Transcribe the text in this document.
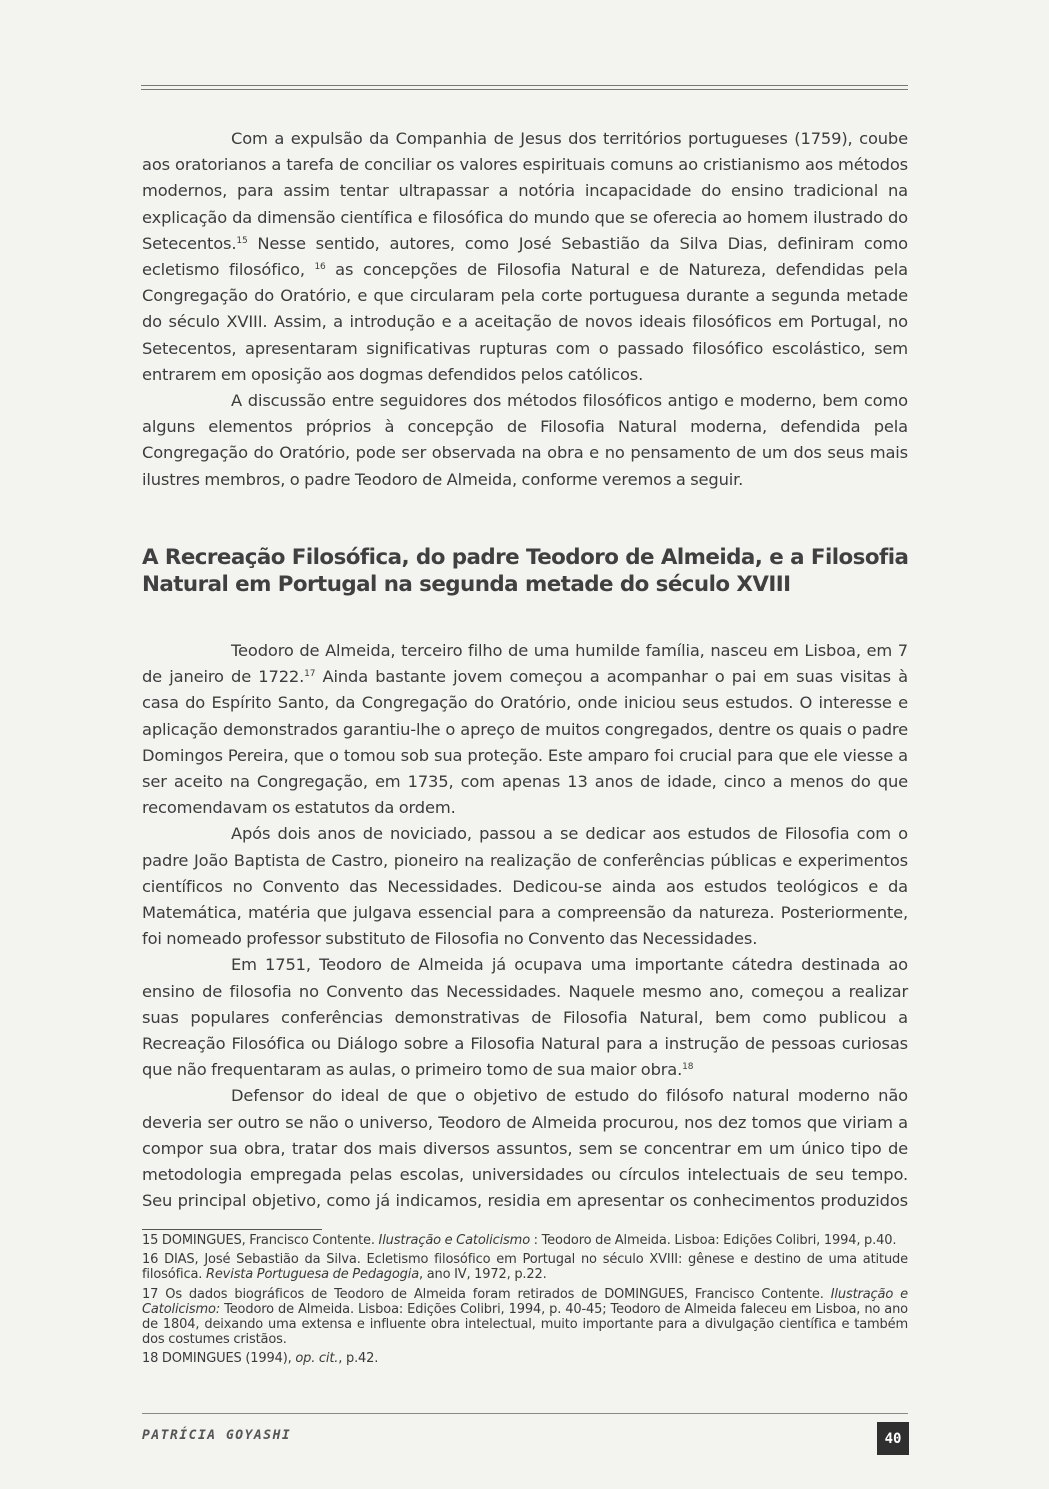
Com a expulsão da Companhia de Jesus dos territórios portugueses (1759), coube aos oratorianos a tarefa de conciliar os valores espirituais comuns ao cristianismo aos métodos modernos, para assim tentar ultrapassar a notória incapacidade do ensino tradicional na explicação da dimensão científica e filosófica do mundo que se oferecia ao homem ilustrado do Setecentos.$^{15}$ Nesse sentido, autores, como José Sebastião da Silva Dias, definiram como ecletismo filosófico, $^{16}$ as concepções de Filosofia Natural e de Natureza, defendidas pela Congregação do Oratório, e que circularam pela corte portuguesa durante a segunda metade do século XVIII. Assim, a introdução e a aceitação de novos ideais filosóficos em Portugal, no Setecentos, apresentaram significativas rupturas com o passado filosófico escolástico, sem entrarem em oposição aos dogmas defendidos pelos católicos.

A discussão entre seguidores dos métodos filosóficos antigo e moderno, bem como alguns elementos próprios à concepção de Filosofia Natural moderna, defendida pela Congregação do Oratório, pode ser observada na obra e no pensamento de um dos seus mais ilustres membros, o padre Teodoro de Almeida, conforme veremos a seguir.

A Recreação Filosófica, do padre Teodoro de Almeida, e a Filosofia Natural em Portugal na segunda metade do século XVIII

Teodoro de Almeida, terceiro filho de uma humilde família, nasceu em Lisboa, em 7 de janeiro de 1722.17 Ainda bastante jovem começou a acompanhar o pai em suas visitas à casa do Espírito Santo, da Congregação do Oratório, onde iniciou seus estudos. O interesse e aplicação demonstrados garantiu-lhe o apreço de muitos congregados, dentre os quais o padre Domingos Pereira, que o tomou sob sua proteção. Este amparo foi crucial para que ele viesse a ser aceito na Congregação, em 1735, com apenas 13 anos de idade, cinco a menos do que recomendavam os estatutos da ordem.

Após dois anos de noviciado, passou a se dedicar aos estudos de Filosofia com o padre João Baptista de Castro, pioneiro na realização de conferências públicas e experimentos científicos no Convento das Necessidades. Dedicou-se ainda aos estudos teológicos e da Matemática, matéria que julgava essencial para a compreensão da natureza. Posteriormente, foi nomeado professor substituto de Filosofia no Convento das Necessidades.

Em 1751, Teodoro de Almeida já ocupava uma importante cátedra destinada ao ensino de filosofia no Convento das Necessidades. Naquele mesmo ano, começou a realizar suas populares conferências demonstrativas de Filosofia Natural, bem como publicou a Recreação Filosófica ou Diálogo sobre a Filosofia Natural para a instrução de pessoas curiosas que não frequentaram as aulas, o primeiro tomo de sua maior obra.$^{18}$

Defensor do ideal de que o objetivo de estudo do filósofo natural moderno não deveria ser outro se não o universo, Teodoro de Almeida procurou, nos dez tomos que viriam a compor sua obra, tratar dos mais diversos assuntos, sem se concentrar em um único tipo de metodologia empregada pelas escolas, universidades ou círculos intelectuais de seu tempo. Seu principal objetivo, como já indicamos, residia em apresentar os conhecimentos produzidos

15 DOMINGUES, Francisco Contente. Ilustração e Catolicismo : Teodoro de Almeida. Lisboa: Edições Colibri, 1994, p.40.

16 DIAS, José Sebastião da Silva. Ecletismo filosófico em Portugal no século XVIII: gênese e destino de uma atitude filosófica. Revista Portuguesa de Pedagogia, ano IV, 1972, p.22.

17 Os dados biográficos de Teodoro de Almeida foram retirados de DOMINGUES, Francisco Contente. Ilustração e Catolicismo: Teodoro de Almeida. Lisboa: Edições Colibri, 1994, p. 40-45; Teodoro de Almeida faleceu em Lisboa, no ano de 1804, deixando uma extensa e influente obra intelectual, muito importante para a divulgação científica e também dos costumes cristãos.

18 DOMINGUES (1994), op. cit., p.42.

PATRÍCIA GOYASHI	40
